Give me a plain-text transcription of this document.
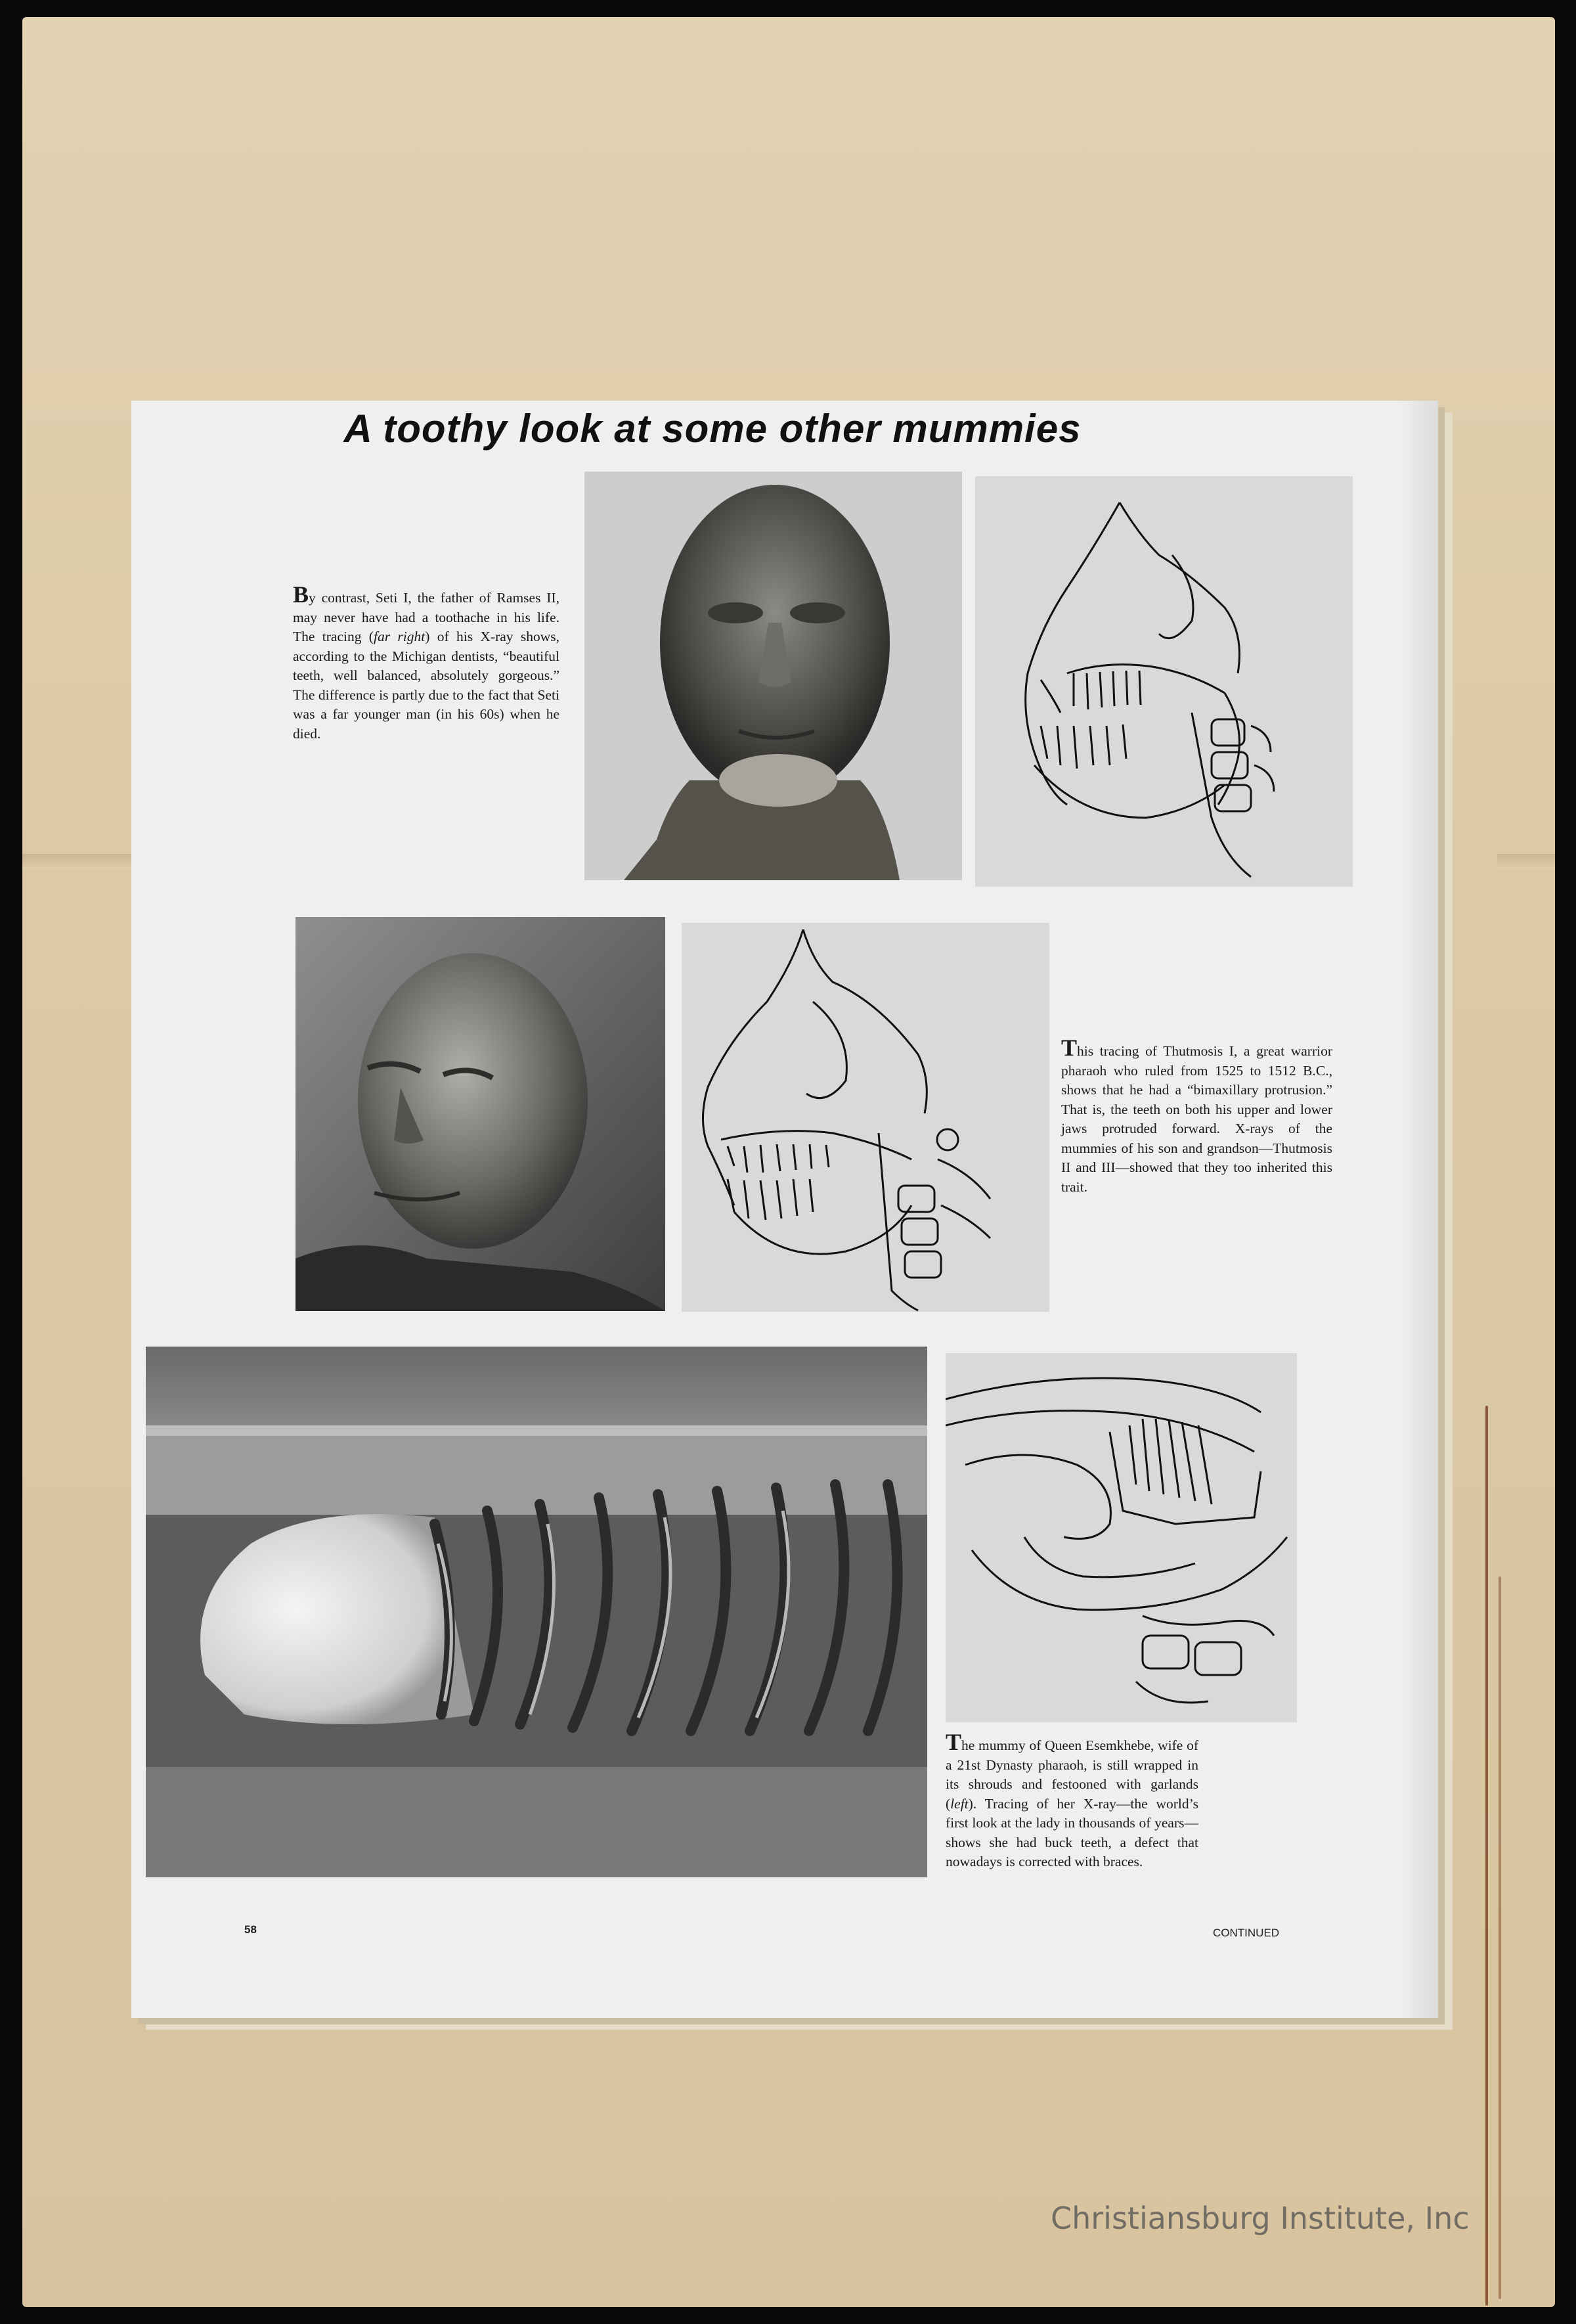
A toothy look at some other mummies

By contrast, Seti I, the father of Ramses II, may never have had a toothache in his life. The tracing (far right) of his X-ray shows, according to the Michigan dentists, “beautiful teeth, well balanced, absolutely gorgeous.” The difference is partly due to the fact that Seti was a far younger man (in his 60s) when he died.

This tracing of Thutmosis I, a great warrior pharaoh who ruled from 1525 to 1512 B.C., shows that he had a “bimaxillary protrusion.” That is, the teeth on both his upper and lower jaws protruded forward. X-rays of the mummies of his son and grandson—Thutmosis II and III—showed that they too inherited this trait.

The mummy of Queen Esemkhebe, wife of a 21st Dynasty pharaoh, is still wrapped in its shrouds and festooned with garlands (left). Tracing of her X-ray—the world’s first look at the lady in thousands of years—shows she had buck teeth, a defect that nowadays is corrected with braces.

58	CONTINUED

Christiansburg Institute, Inc
